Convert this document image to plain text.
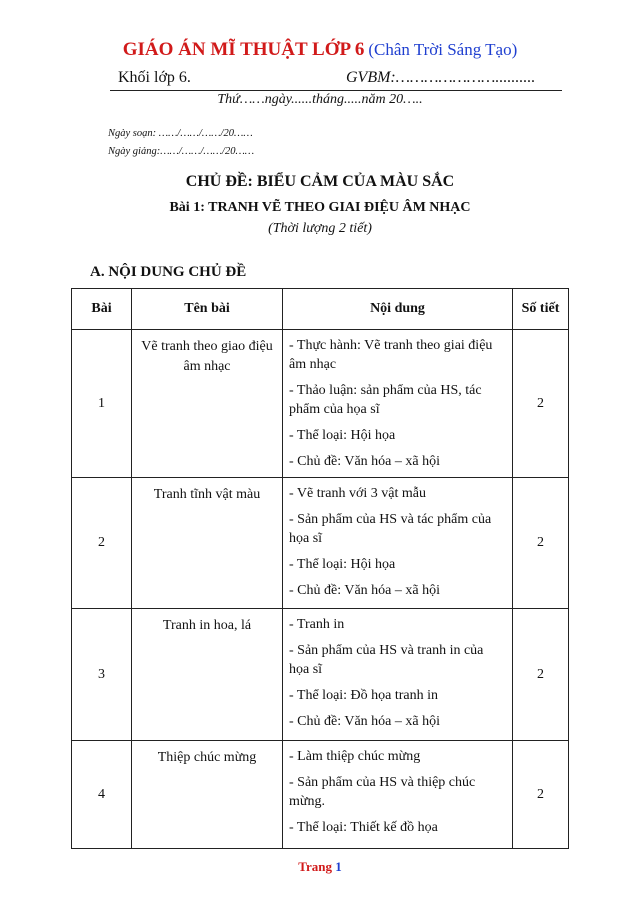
GIÁO ÁN MĨ THUẬT LỚP 6 (Chân Trời Sáng Tạo)
Khối lớp 6.	GVBM:…………………..........
Thứ……ngày......tháng.....năm 20…..
Ngày soạn: ……/……/……/20……
Ngày giảng:……/……/……/20……
CHỦ ĐỀ: BIỂU CẢM CỦA MÀU SẮC
Bài 1: TRANH VẼ THEO GIAI ĐIỆU ÂM NHẠC
(Thời lượng 2 tiết)
A. NỘI DUNG CHỦ ĐỀ
Bài	Tên bài	Nội dung	Số tiết
1	Vẽ tranh theo giao điệu âm nhạc	- Thực hành: Vẽ tranh theo giai điệu âm nhạc
- Thảo luận: sản phẩm của HS, tác phẩm của họa sĩ
- Thể loại: Hội họa
- Chủ đề: Văn hóa – xã hội	2
2	Tranh tĩnh vật màu	- Vẽ tranh với 3 vật mẫu
- Sản phẩm của HS và tác phẩm của họa sĩ
- Thể loại: Hội họa
- Chủ đề: Văn hóa – xã hội	2
3	Tranh in hoa, lá	- Tranh in
- Sản phẩm của HS và tranh in của họa sĩ
- Thể loại: Đồ họa tranh in
- Chủ đề: Văn hóa – xã hội	2
4	Thiệp chúc mừng	- Làm thiệp chúc mừng
- Sản phẩm của HS và thiệp chúc mừng.
- Thể loại: Thiết kế đồ họa	2
Trang 1
